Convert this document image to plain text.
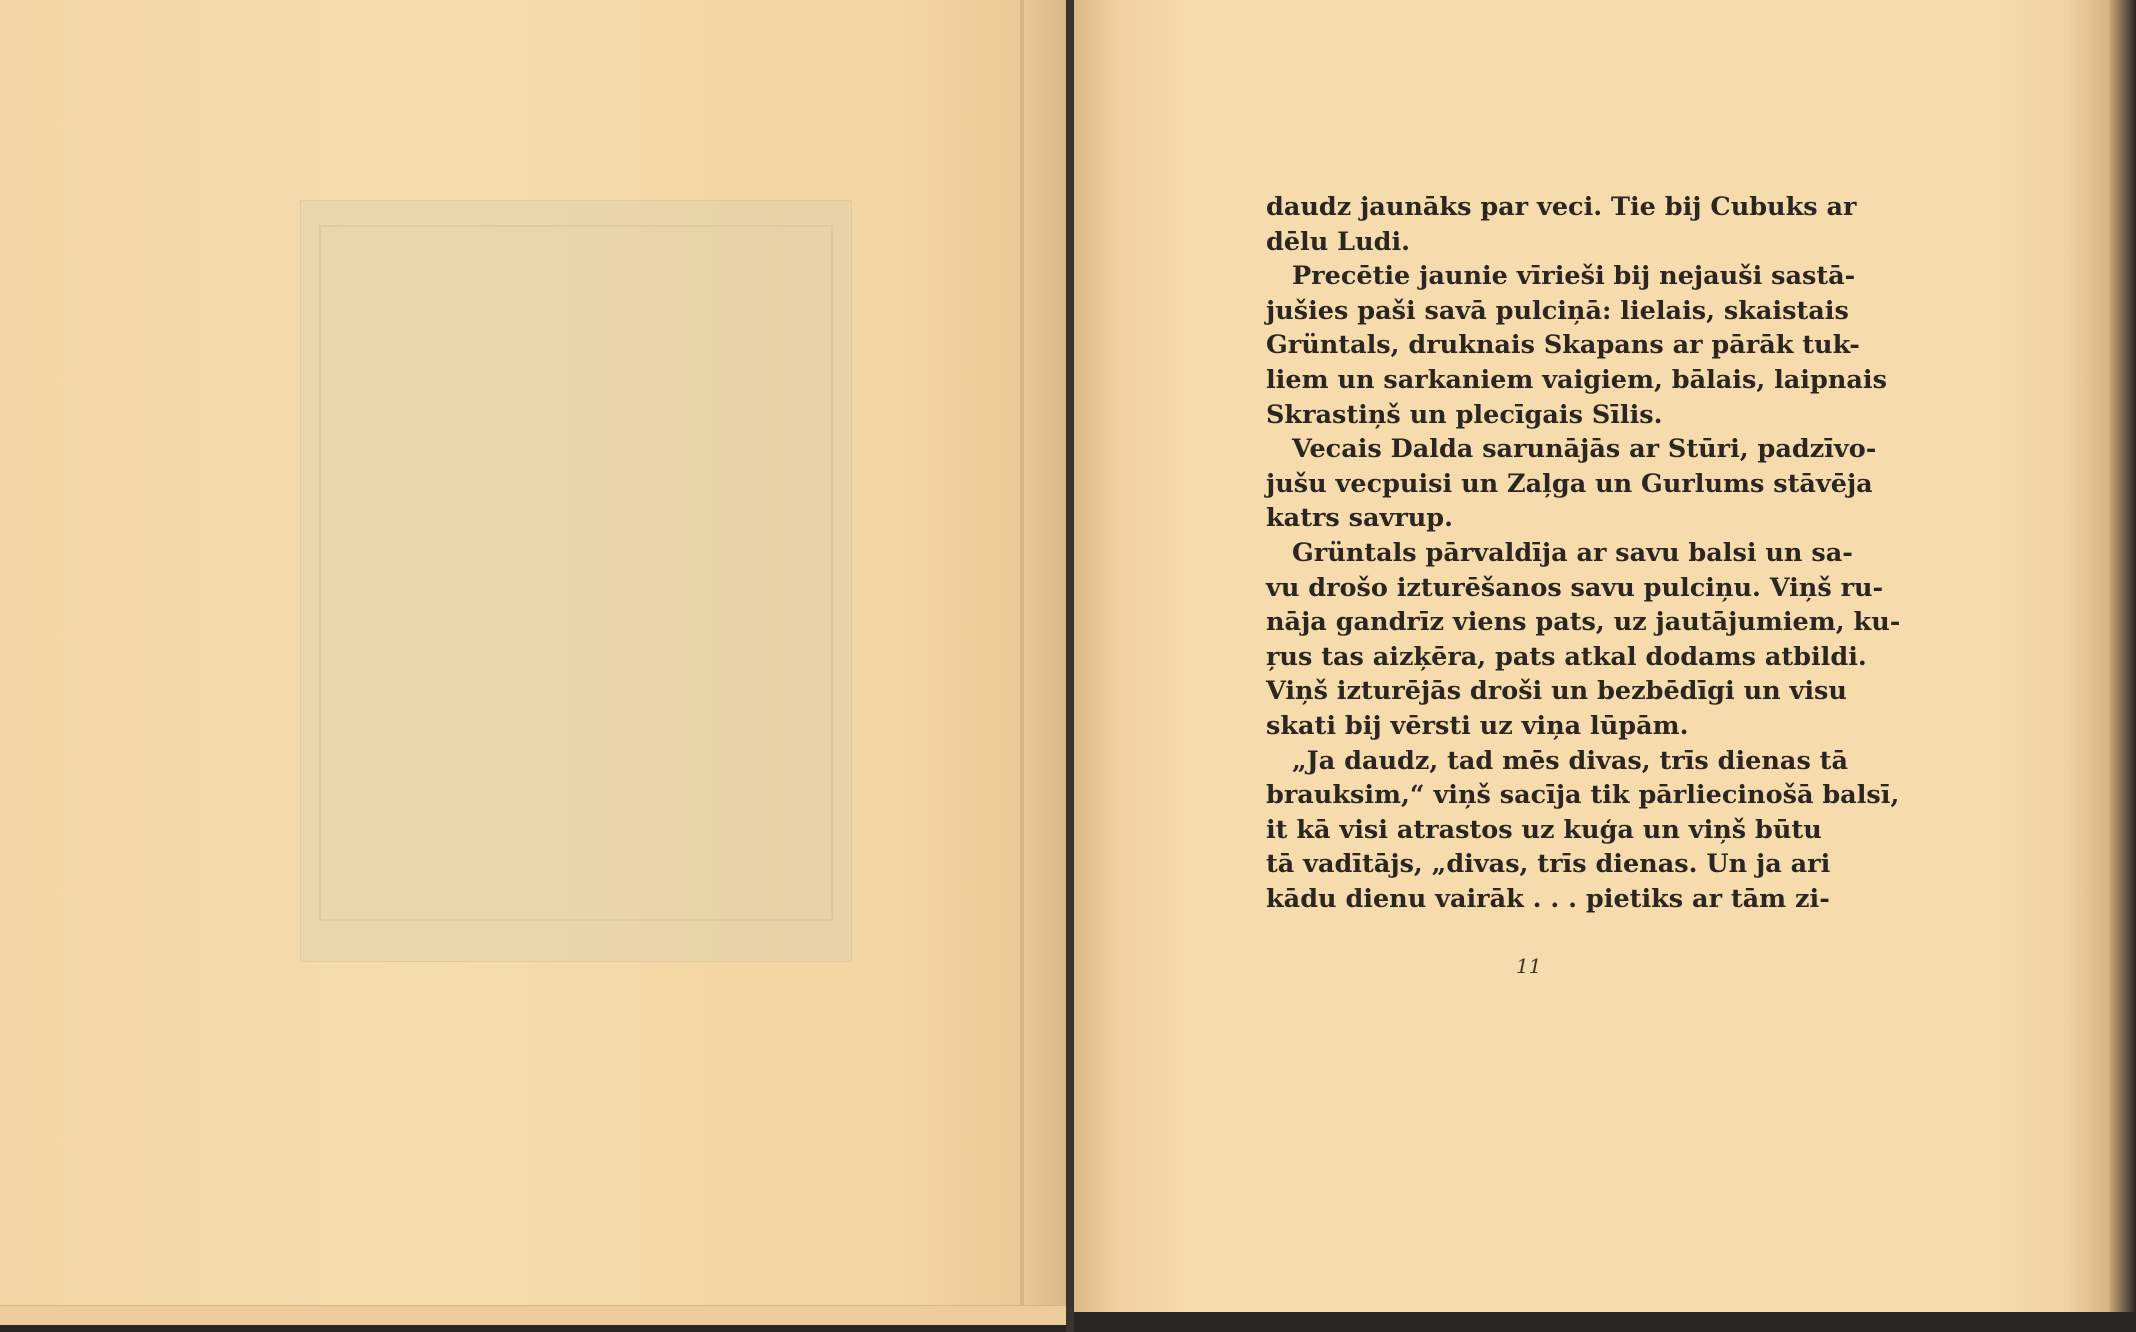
daudz jaunāks par veci. Tie bij Cubuks ar
dēlu Ludi.
Precētie jaunie vīrieši bij nejauši sastā-
jušies paši savā pulciņā: lielais, skaistais
Grüntals, druknais Skapans ar pārāk tuk-
liem un sarkaniem vaigiem, bālais, laipnais
Skrastiņš un plecīgais Sīlis.
Vecais Dalda sarunājās ar Stūri, padzīvo-
jušu vecpuisi un Zaļga un Gurlums stāvēja
katrs savrup.
Grüntals pārvaldīja ar savu balsi un sa-
vu drošo izturēšanos savu pulciņu. Viņš ru-
nāja gandrīz viens pats, uz jautājumiem, ku-
ŗus tas aizķēra, pats atkal dodams atbildi.
Viņš izturējās droši un bezbēdīgi un visu
skati bij vērsti uz viņa lūpām.
„Ja daudz, tad mēs divas, trīs dienas tā
brauksim,“ viņš sacīja tik pārliecinošā balsī,
it kā visi atrastos uz kuģa un viņš būtu
tā vadītājs, „divas, trīs dienas. Un ja ari
kādu dienu vairāk . . . pietiks ar tām zi-
11
